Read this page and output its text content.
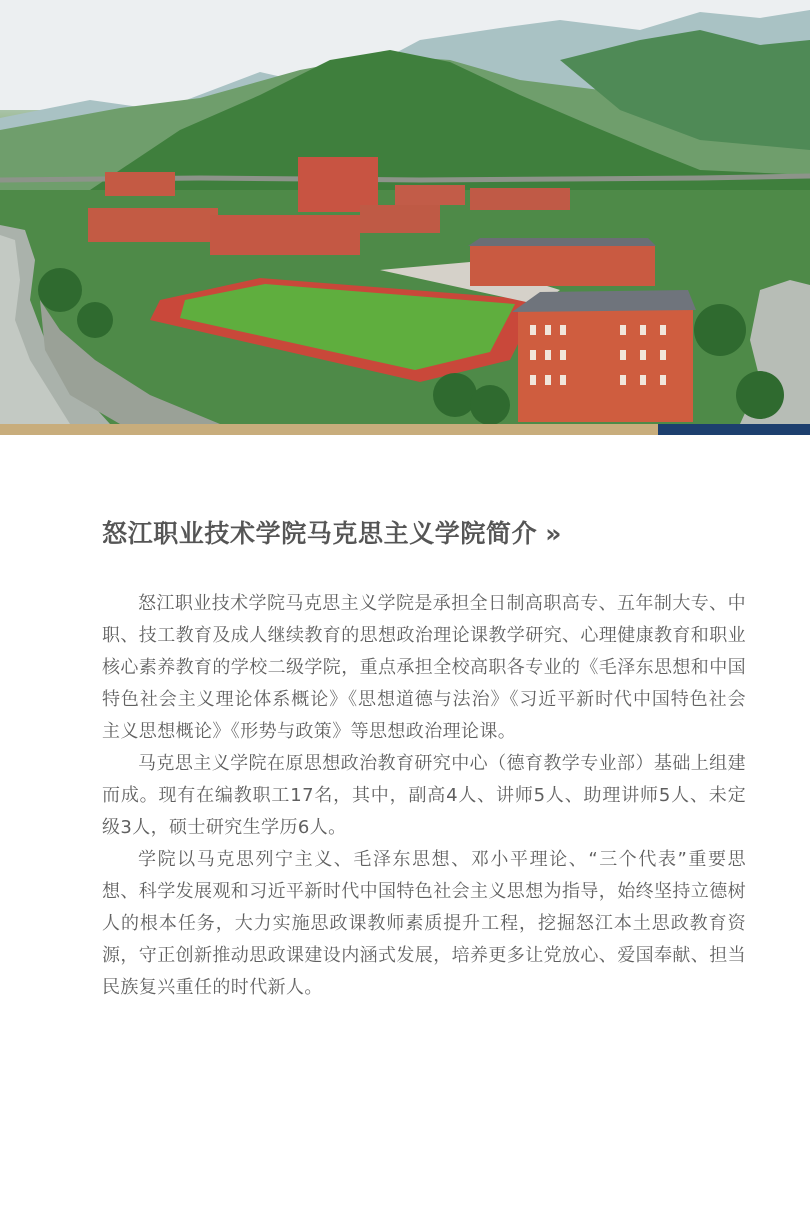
怒江职业技术学院马克思主义学院简介 »

怒江职业技术学院马克思主义学院是承担全日制高职高专、五年制大专、中职、技工教育及成人继续教育的思想政治理论课教学研究、心理健康教育和职业核心素养教育的学校二级学院，重点承担全校高职各专业的《毛泽东思想和中国特色社会主义理论体系概论》《思想道德与法治》《习近平新时代中国特色社会主义思想概论》《形势与政策》等思想政治理论课。

马克思主义学院在原思想政治教育研究中心（德育教学专业部）基础上组建而成。现有在编教职工17名，其中，副高4人、讲师5人、助理讲师5人、未定级3人，硕士研究生学历6人。

学院以马克思列宁主义、毛泽东思想、邓小平理论、“三个代表”重要思想、科学发展观和习近平新时代中国特色社会主义思想为指导，始终坚持立德树人的根本任务，大力实施思政课教师素质提升工程，挖掘怒江本土思政教育资源，守正创新推动思政课建设内涵式发展，培养更多让党放心、爱国奉献、担当民族复兴重任的时代新人。
